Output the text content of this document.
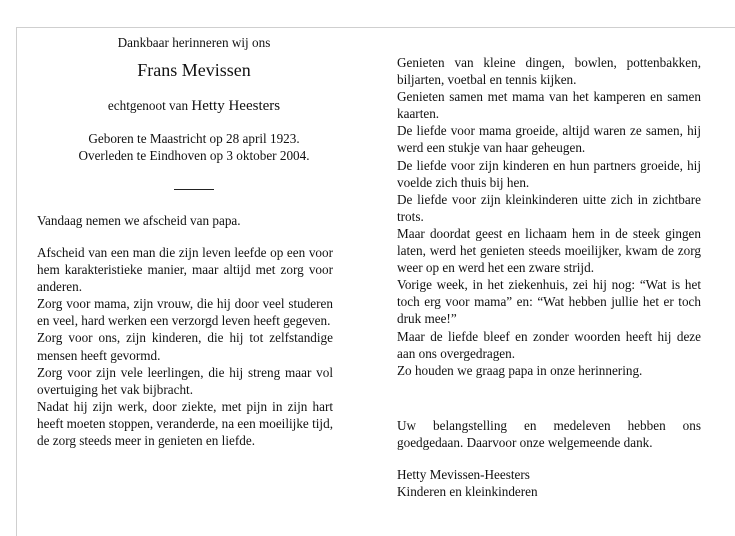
Dankbaar herinneren wij ons

Frans Mevissen

echtgenoot van Hetty Heesters

Geboren te Maastricht op 28 april 1923.

Overleden te Eindhoven op 3 oktober 2004.

Vandaag nemen we afscheid van papa.

Afscheid van een man die zijn leven leefde op een voor hem karakteristieke manier, maar altijd met zorg voor anderen.

Zorg voor mama, zijn vrouw, die hij door veel studeren en veel, hard werken een verzorgd leven heeft gegeven.

Zorg voor ons, zijn kinderen, die hij tot zelfstandige mensen heeft gevormd.

Zorg voor zijn vele leerlingen, die hij streng maar vol overtuiging het vak bijbracht.

Nadat hij zijn werk, door ziekte, met pijn in zijn hart heeft moeten stoppen, veranderde, na een moeilijke tijd, de zorg steeds meer in genieten en liefde.

Genieten van kleine dingen, bowlen, pottenbakken, biljarten, voetbal en tennis kijken.

Genieten samen met mama van het kamperen en samen kaarten.

De liefde voor mama groeide, altijd waren ze samen, hij werd een stukje van haar geheugen.

De liefde voor zijn kinderen en hun partners groeide, hij voelde zich thuis bij hen.

De liefde voor zijn kleinkinderen uitte zich in zichtbare trots.

Maar doordat geest en lichaam hem in de steek gingen laten, werd het genieten steeds moeilijker, kwam de zorg weer op en werd het een zware strijd.

Vorige week, in het ziekenhuis, zei hij nog: “Wat is het toch erg voor mama” en: “Wat hebben jullie het er toch druk mee!”

Maar de liefde bleef en zonder woorden heeft hij deze aan ons overgedragen.

Zo houden we graag papa in onze herinnering.

Uw belangstelling en medeleven hebben ons goedgedaan. Daarvoor onze welgemeende dank.

Hetty Mevissen-Heesters

Kinderen en kleinkinderen
